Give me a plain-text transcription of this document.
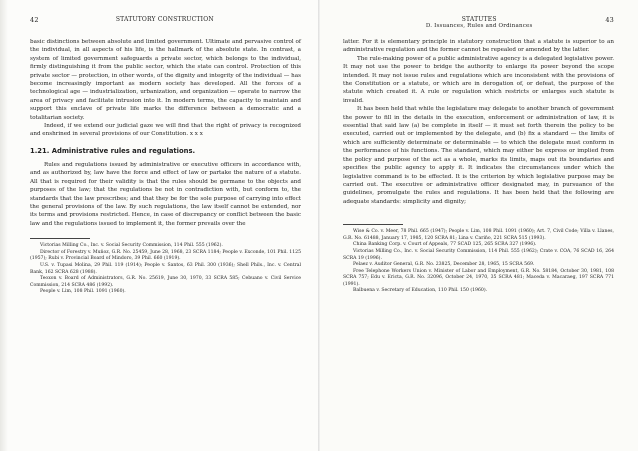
42	STATUTORY CONSTRUCTION

basic distinctions between absolute and limited government. Ultimate and pervasive control of the individual, in all aspects of his life, is the hallmark of the absolute state. In contrast, a system of limited government safeguards a private sector, which belongs to the individual, firmly distinguishing it from the public sector, which the state can control. Protection of this private sector — protection, in other words, of the dignity and integrity of the individual — has become increasingly important as modern society has developed. All the forces of a technological age — industrialization, urbanization, and organization — operate to narrow the area of privacy and facilitate intrusion into it. In modern terms, the capacity to maintain and support this enclave of private life marks the difference between a democratic and a totalitarian society.

Indeed, if we extend our judicial gaze we will find that the right of privacy is recognized and enshrined in several provisions of our Constitution. x x x

1.21. Administrative rules and regulations.

Rules and regulations issued by administrative or executive officers in accordance with, and as authorized by, law have the force and effect of law or partake the nature of a statute. All that is required for their validity is that the rules should be germane to the objects and purposes of the law; that the regulations be not in contradiction with, but conform to, the standards that the law prescribes; and that they be for the sole purpose of carrying into effect the general provisions of the law. By such regulations, the law itself cannot be extended, nor its terms and provisions restricted. Hence, in case of discrepancy or conflict between the basic law and the regulations issued to implement it, the former prevails over the

Victorias Milling Co., Inc. v. Social Security Commission, 114 Phil. 555 (1962).

Director of Forestry v. Muñoz, G.R. No. 25459, June 28, 1968, 23 SCRA 1184; People v. Exconde, 101 Phil. 1125 (1957); Rubi v. Provincial Board of Mindoro, 39 Phil. 660 (1919).

U.S. v. Tupasi Molina, 29 Phil. 119 (1914); People v. Santos, 63 Phil. 300 (1936); Shell Phils., Inc. v. Central Bank, 162 SCRA 628 (1988).

Teoxon v. Board of Administrators, G.R. No. 25619, June 30, 1970, 33 SCRA 585; Cebuano v. Civil Service Commission, 214 SCRA 486 (1992).

People v. Lim, 108 Phil. 1091 (1960).

STATUTES
D. Issuances, Rules and Ordinances
43

latter. For it is elementary principle in statutory construction that a statute is superior to an administrative regulation and the former cannot be repealed or amended by the latter.

The rule-making power of a public administrative agency is a delegated legislative power. It may not use the power to bridge the authority to enlarge its power beyond the scope intended. It may not issue rules and regulations which are inconsistent with the provisions of the Constitution or a statute, or which are in derogation of, or defeat, the purpose of the statute which created it. A rule or regulation which restricts or enlarges such statute is invalid.

It has been held that while the legislature may delegate to another branch of government the power to fill in the details in the execution, enforcement or administration of law, it is essential that said law (a) be complete in itself — it must set forth therein the policy to be executed, carried out or implemented by the delegate, and (b) fix a standard — the limits of which are sufficiently determinate or determinable — to which the delegate must conform in the performance of his functions. The standard, which may either be express or implied from the policy and purpose of the act as a whole, marks its limits, maps out its boundaries and specifies the public agency to apply it. It indicates the circumstances under which the legislative command is to be effected. It is the criterion by which legislative purpose may be carried out. The executive or administrative officer designated may, in pursuance of the guidelines, promulgate the rules and regulations. It has been held that the following are adequate standards: simplicity and dignity;

Wise & Co. v. Meer, 78 Phil. 665 (1947); People v. Lim, 108 Phil. 1091 (1960); Art. 7, Civil Code; Villa v. Llanes, G.R. No. 61488, January 17, 1985, 120 SCRA 81; Lina v. Cariño, 221 SCRA 515 (1993).

China Banking Corp. v. Court of Appeals, 77 SCAD 125, 265 SCRA 327 (1996).

Victorias Milling Co., Inc. v. Social Security Commission, 114 Phil. 555 (1962); Crate v. COA, 76 SCAD 16, 264 SCRA 19 (1996).

Pelaez v. Auditor General, G.R. No. 23825, December 28, 1965, 15 SCRA 569.

Free Telephone Workers Union v. Minister of Labor and Employment, G.R. No. 58184, October 30, 1981, 108 SCRA 757; Edu v. Ericta, G.R. No. 32096, October 24, 1970, 35 SCRA 481; Maceda v. Macaraeg, 197 SCRA 771 (1991).

Balbuena v. Secretary of Education, 110 Phil. 150 (1960).
